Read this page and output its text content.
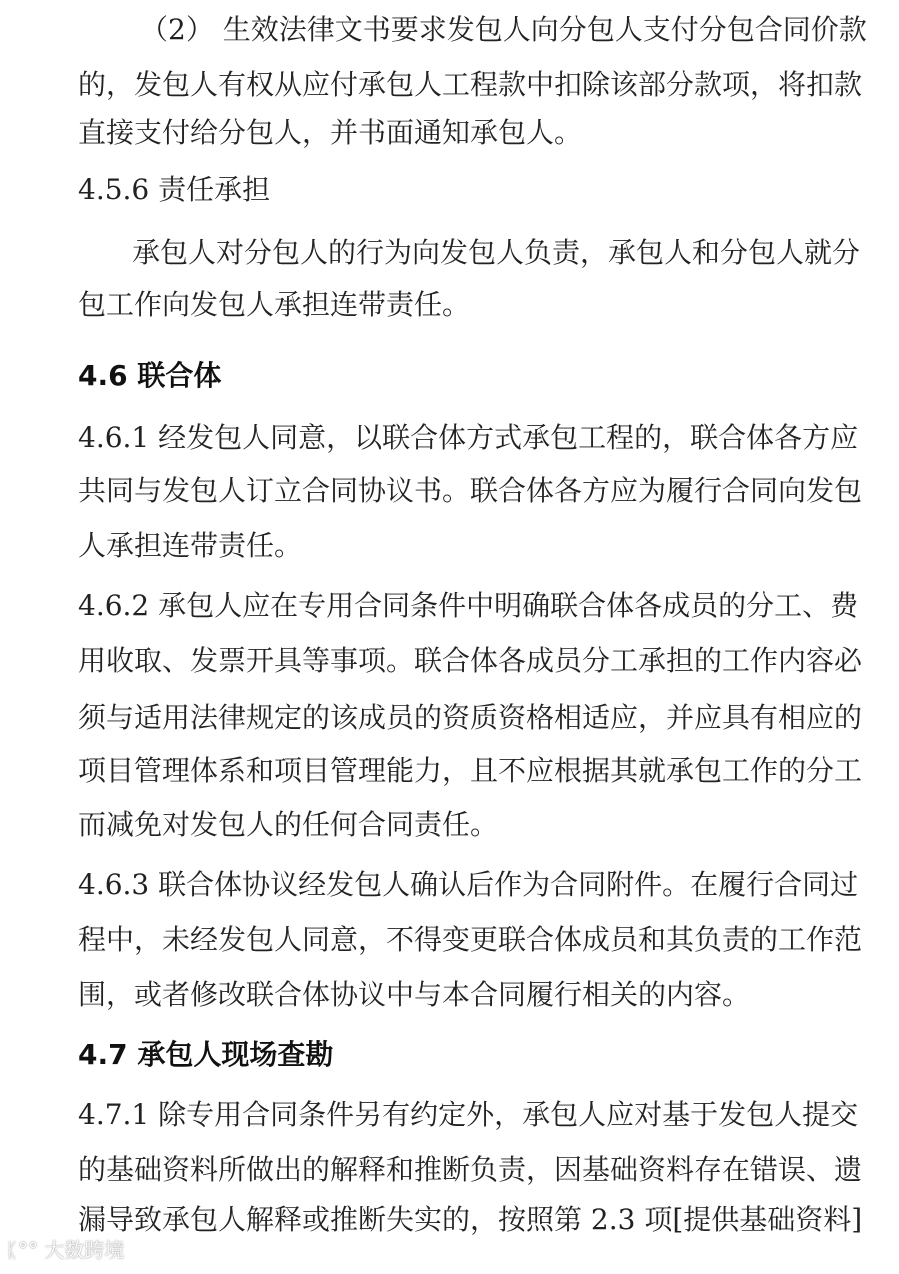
（2） 生效法律文书要求发包人向分包人支付分包合同价款
的，发包人有权从应付承包人工程款中扣除该部分款项，将扣款
直接支付给分包人，并书面通知承包人。
4.5.6 责任承担
承包人对分包人的行为向发包人负责，承包人和分包人就分
包工作向发包人承担连带责任。
4.6 联合体
4.6.1 经发包人同意，以联合体方式承包工程的，联合体各方应
共同与发包人订立合同协议书。联合体各方应为履行合同向发包
人承担连带责任。
4.6.2 承包人应在专用合同条件中明确联合体各成员的分工、费
用收取、发票开具等事项。联合体各成员分工承担的工作内容必
须与适用法律规定的该成员的资质资格相适应，并应具有相应的
项目管理体系和项目管理能力，且不应根据其就承包工作的分工
而减免对发包人的任何合同责任。
4.6.3 联合体协议经发包人确认后作为合同附件。在履行合同过
程中，未经发包人同意，不得变更联合体成员和其负责的工作范
围，或者修改联合体协议中与本合同履行相关的内容。
4.7 承包人现场查勘
4.7.1 除专用合同条件另有约定外，承包人应对基于发包人提交
的基础资料所做出的解释和推断负责，因基础资料存在错误、遗
漏导致承包人解释或推断失实的，按照第 2.3 项[提供基础资料]
ᛕ°° 大数跨境
